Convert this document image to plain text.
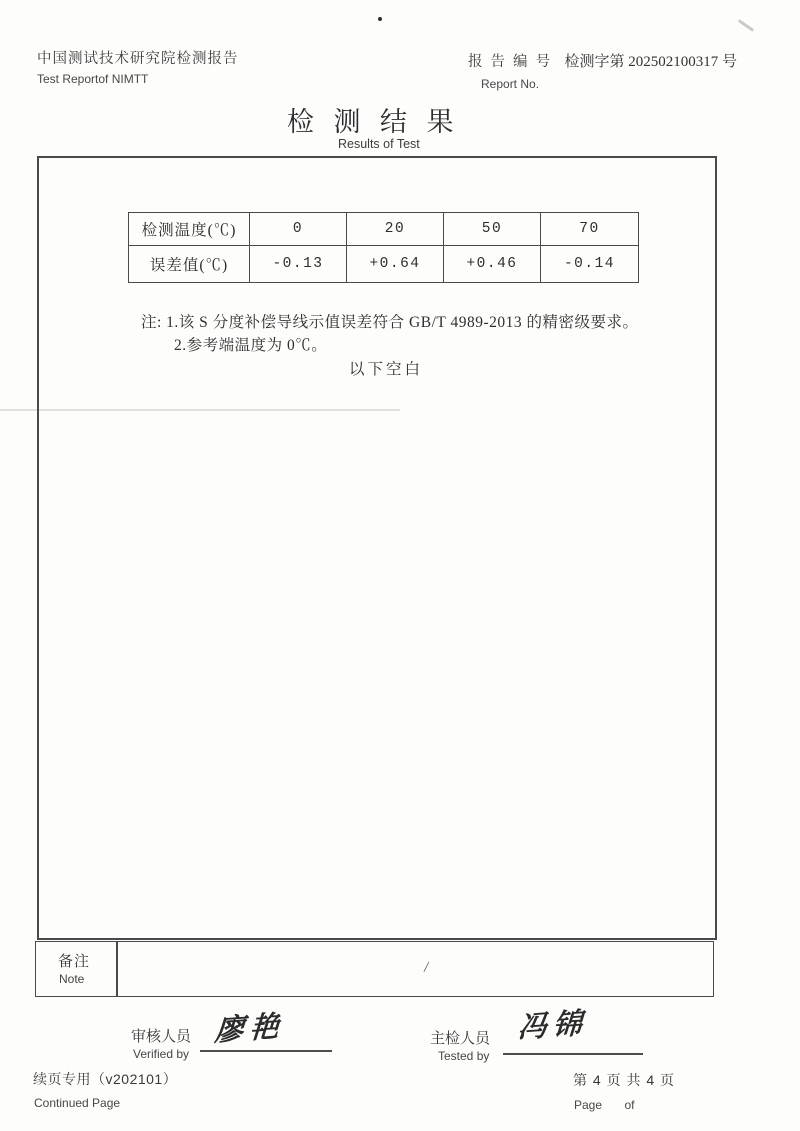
中国测试技术研究院检测报告
Test Reportof NIMTT
报 告 编 号 检测字第 202502100317 号
Report No.
检 测 结 果
Results of Test
检测温度(℃)	0	20	50	70
误差值(℃)	-0.13	+0.64	+0.46	-0.14
注: 1.该 S 分度补偿导线示值误差符合 GB/T 4989-2013 的精密级要求。
2.参考端温度为 0℃。
以下空白
备注
Note
/
审核人员
Verified by
廖艳	主检人员
Tested by
冯锦
续页专用（v202101）
Continued Page
第 4 页 共 4 页
Page of
